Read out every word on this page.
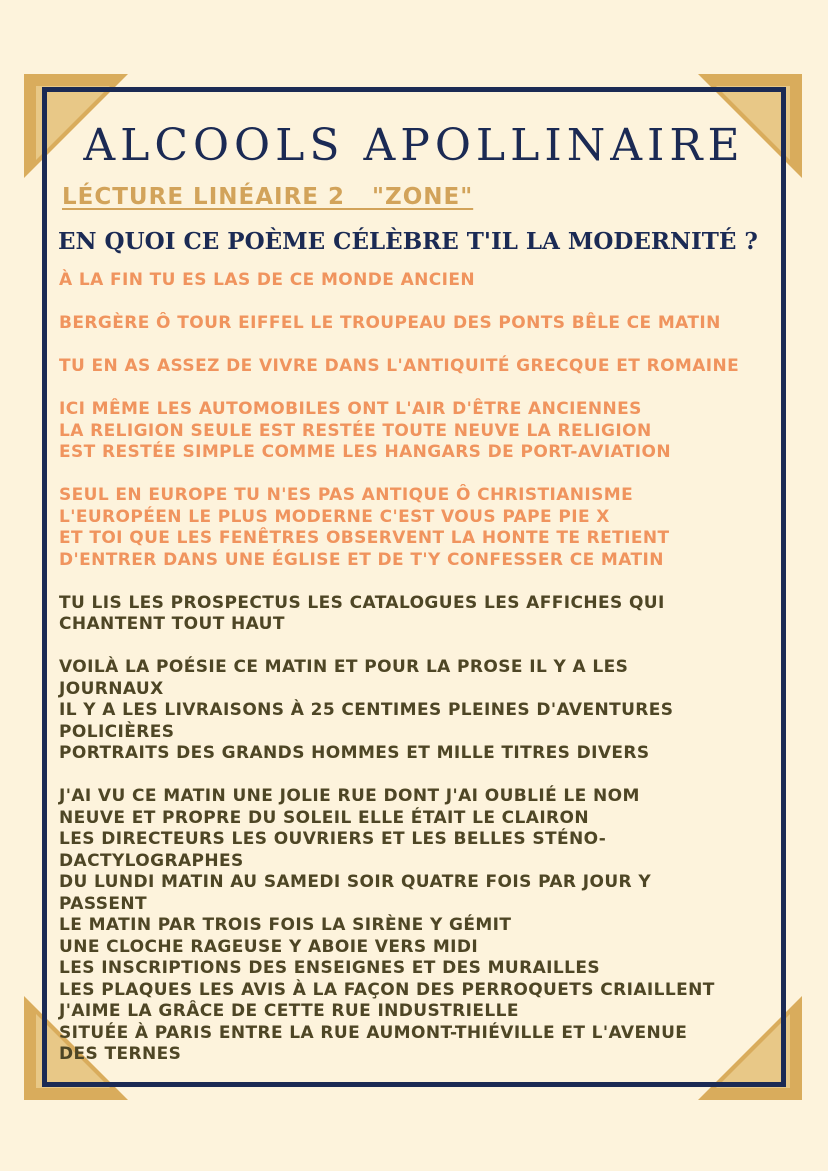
ALCOOLS APOLLINAIRE
LÉCTURE LINÉAIRE 2   "ZONE"
EN QUOI CE POÈME CÉLÈBRE T'IL LA MODERNITÉ ?
À LA FIN TU ES LAS DE CE MONDE ANCIEN
BERGÈRE Ô TOUR EIFFEL LE TROUPEAU DES PONTS BÊLE CE MATIN
TU EN AS ASSEZ DE VIVRE DANS L'ANTIQUITÉ GRECQUE ET ROMAINE
ICI MÊME LES AUTOMOBILES ONT L'AIR D'ÊTRE ANCIENNES
LA RELIGION SEULE EST RESTÉE TOUTE NEUVE LA RELIGION
EST RESTÉE SIMPLE COMME LES HANGARS DE PORT-AVIATION
SEUL EN EUROPE TU N'ES PAS ANTIQUE Ô CHRISTIANISME
L'EUROPÉEN LE PLUS MODERNE C'EST VOUS PAPE PIE X
ET TOI QUE LES FENÊTRES OBSERVENT LA HONTE TE RETIENT
D'ENTRER DANS UNE ÉGLISE ET DE T'Y CONFESSER CE MATIN
TU LIS LES PROSPECTUS LES CATALOGUES LES AFFICHES QUI
CHANTENT TOUT HAUT
VOILÀ LA POÉSIE CE MATIN ET POUR LA PROSE IL Y A LES
JOURNAUX
IL Y A LES LIVRAISONS À 25 CENTIMES PLEINES D'AVENTURES
POLICIÈRES
PORTRAITS DES GRANDS HOMMES ET MILLE TITRES DIVERS
J'AI VU CE MATIN UNE JOLIE RUE DONT J'AI OUBLIÉ LE NOM
NEUVE ET PROPRE DU SOLEIL ELLE ÉTAIT LE CLAIRON
LES DIRECTEURS LES OUVRIERS ET LES BELLES STÉNO-
DACTYLOGRAPHES
DU LUNDI MATIN AU SAMEDI SOIR QUATRE FOIS PAR JOUR Y
PASSENT
LE MATIN PAR TROIS FOIS LA SIRÈNE Y GÉMIT
UNE CLOCHE RAGEUSE Y ABOIE VERS MIDI
LES INSCRIPTIONS DES ENSEIGNES ET DES MURAILLES
LES PLAQUES LES AVIS À LA FAÇON DES PERROQUETS CRIAILLENT
J'AIME LA GRÂCE DE CETTE RUE INDUSTRIELLE
SITUÉE À PARIS ENTRE LA RUE AUMONT-THIÉVILLE ET L'AVENUE
DES TERNES
